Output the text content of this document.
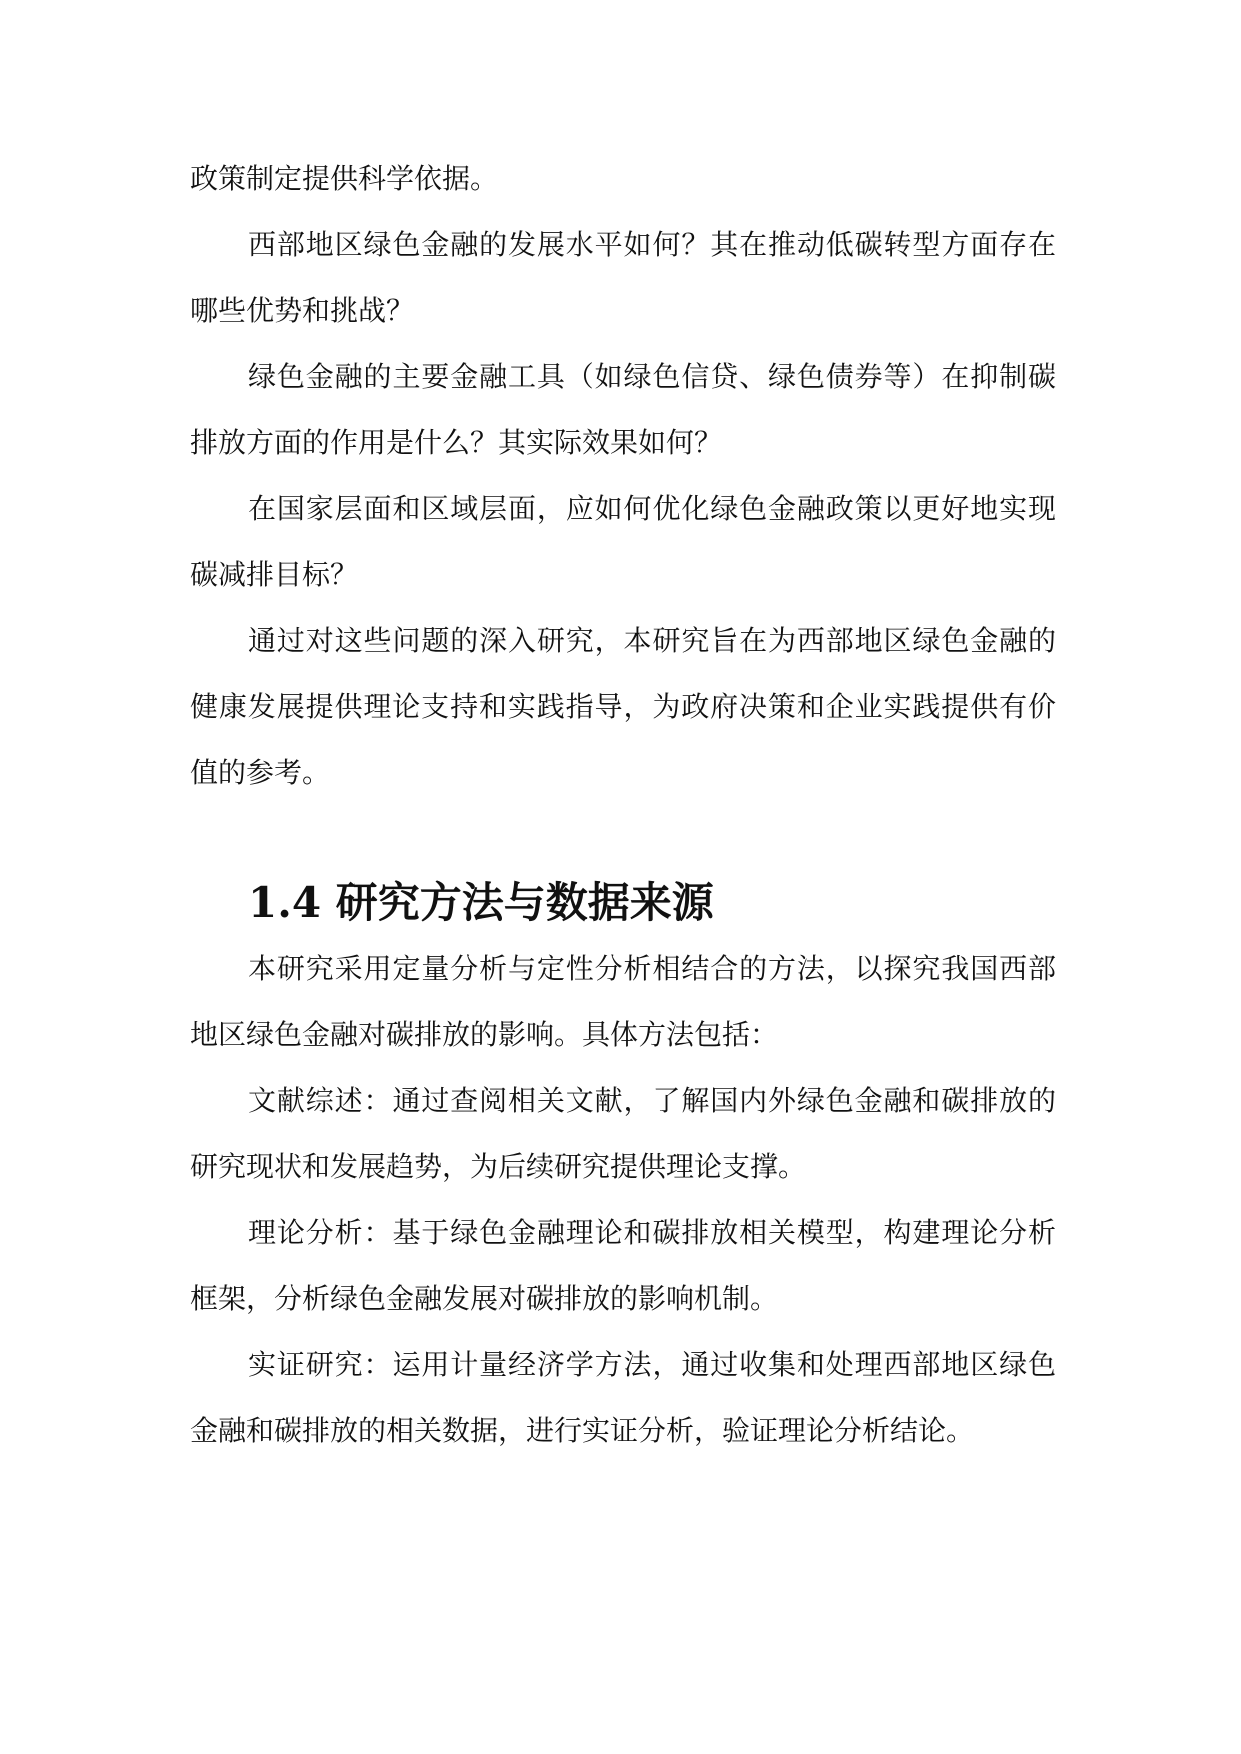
政策制定提供科学依据。

西部地区绿色金融的发展水平如何？其在推动低碳转型方面存在哪些优势和挑战？

绿色金融的主要金融工具（如绿色信贷、绿色债券等）在抑制碳排放方面的作用是什么？其实际效果如何？

在国家层面和区域层面，应如何优化绿色金融政策以更好地实现碳减排目标？

通过对这些问题的深入研究，本研究旨在为西部地区绿色金融的健康发展提供理论支持和实践指导，为政府决策和企业实践提供有价值的参考。

1.4 研究方法与数据来源

本研究采用定量分析与定性分析相结合的方法，以探究我国西部地区绿色金融对碳排放的影响。具体方法包括：

文献综述：通过查阅相关文献，了解国内外绿色金融和碳排放的研究现状和发展趋势，为后续研究提供理论支撑。

理论分析：基于绿色金融理论和碳排放相关模型，构建理论分析框架，分析绿色金融发展对碳排放的影响机制。

实证研究：运用计量经济学方法，通过收集和处理西部地区绿色金融和碳排放的相关数据，进行实证分析，验证理论分析结论。
